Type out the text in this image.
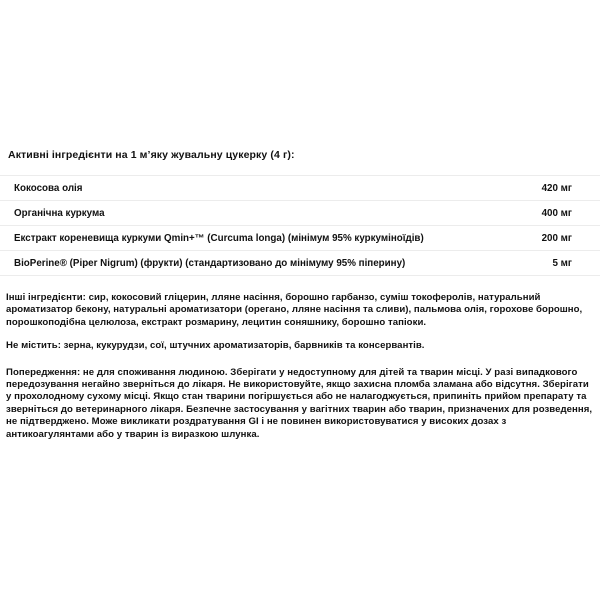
Активні інгредієнти на 1 м’яку жувальну цукерку (4 г):
Кокосова олія	420 мг
Органічна куркума	400 мг
Екстракт кореневища куркуми Qmin+™ (Curcuma longa) (мінімум 95% куркуміноїдів)	200 мг
BioPerine® (Piper Nigrum) (фрукти) (стандартизовано до мінімуму 95% піперину)	5 мг

Інші інгредієнти: сир, кокосовий гліцерин, лляне насіння, борошно гарбанзо, суміш токоферолів, натуральний ароматизатор бекону, натуральні ароматизатори (орегано, лляне насіння та сливи), пальмова олія, горохове борошно, порошкоподібна целюлоза, екстракт розмарину, лецитин соняшнику, борошно тапіоки.

Не містить: зерна, кукурудзи, сої, штучних ароматизаторів, барвників та консервантів.

Попередження: не для споживання людиною. Зберігати у недоступному для дітей та тварин місці. У разі випадкового передозування негайно зверніться до лікаря. Не використовуйте, якщо захисна пломба зламана або відсутня. Зберігати у прохолодному сухому місці. Якщо стан тварини погіршується або не налагоджується, припиніть прийом препарату та зверніться до ветеринарного лікаря. Безпечне застосування у вагітних тварин або тварин, призначених для розведення, не підтверджено. Може викликати роздратування GI і не повинен використовуватися у високих дозах з антикоагулянтами або у тварин із виразкою шлунка.
